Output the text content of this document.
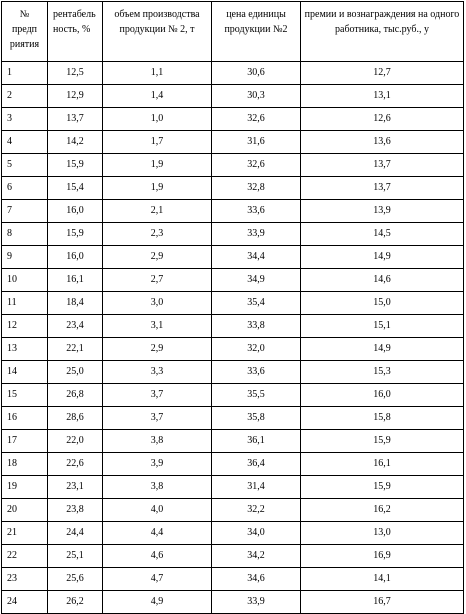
№ предп риятия	рентабель ность, %	объем производства продукции № 2, т	цена единицы продукции №2	премии и вознаграждения на одного работника, тыс.руб., y
1	12,5	1,1	30,6	12,7
2	12,9	1,4	30,3	13,1
3	13,7	1,0	32,6	12,6
4	14,2	1,7	31,6	13,6
5	15,9	1,9	32,6	13,7
6	15,4	1,9	32,8	13,7
7	16,0	2,1	33,6	13,9
8	15,9	2,3	33,9	14,5
9	16,0	2,9	34,4	14,9
10	16,1	2,7	34,9	14,6
11	18,4	3,0	35,4	15,0
12	23,4	3,1	33,8	15,1
13	22,1	2,9	32,0	14,9
14	25,0	3,3	33,6	15,3
15	26,8	3,7	35,5	16,0
16	28,6	3,7	35,8	15,8
17	22,0	3,8	36,1	15,9
18	22,6	3,9	36,4	16,1
19	23,1	3,8	31,4	15,9
20	23,8	4,0	32,2	16,2
21	24,4	4,4	34,0	13,0
22	25,1	4,6	34,2	16,9
23	25,6	4,7	34,6	14,1
24	26,2	4,9	33,9	16,7
